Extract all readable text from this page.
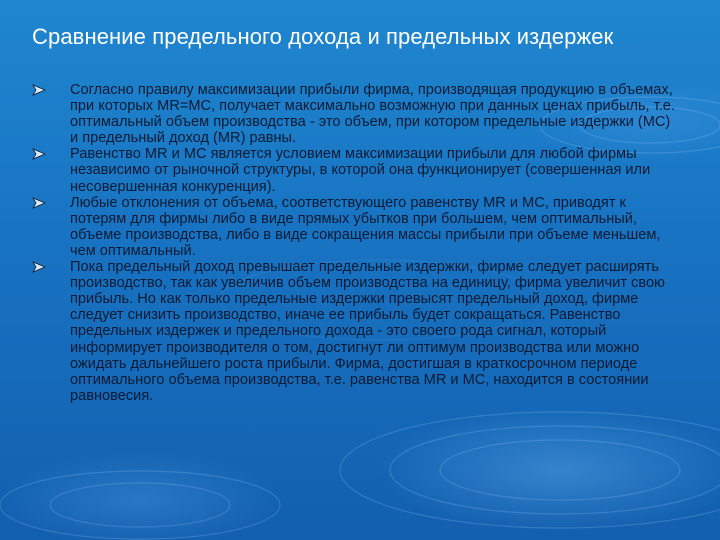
Сравнение предельного дохода и предельных издержек
Согласно правилу максимизации прибыли фирма, производящая продукцию в объемах, при которых MR=MC, получает максимально возможную при данных ценах прибыль, т.е. оптимальный объем производства - это объем, при котором предельные издержки (MC) и предельный доход (MR) равны.
Равенство MR и MC является условием максимизации прибыли для любой фирмы независимо от рыночной структуры, в которой она функционирует (совершенная или несовершенная конкуренция).
Любые отклонения от объема, соответствующего равенству MR и MC, приводят к потерям для фирмы либо в виде прямых убытков при большем, чем оптимальный, объеме производства, либо в виде сокращения массы прибыли при объеме меньшем, чем оптимальный.
Пока предельный доход превышает предельные издержки, фирме следует расширять производство, так как увеличив объем производства на единицу, фирма увеличит свою прибыль. Но как только предельные издержки превысят предельный доход, фирме следует снизить производство, иначе ее прибыль будет сокращаться. Равенство предельных издержек и предельного дохода - это своего рода сигнал, который информирует производителя о том, достигнут ли оптимум производства или можно ожидать дальнейшего роста прибыли. Фирма, достигшая в краткосрочном периоде оптимального объема производства, т.е. равенства MR и MC, находится в состоянии равновесия.
